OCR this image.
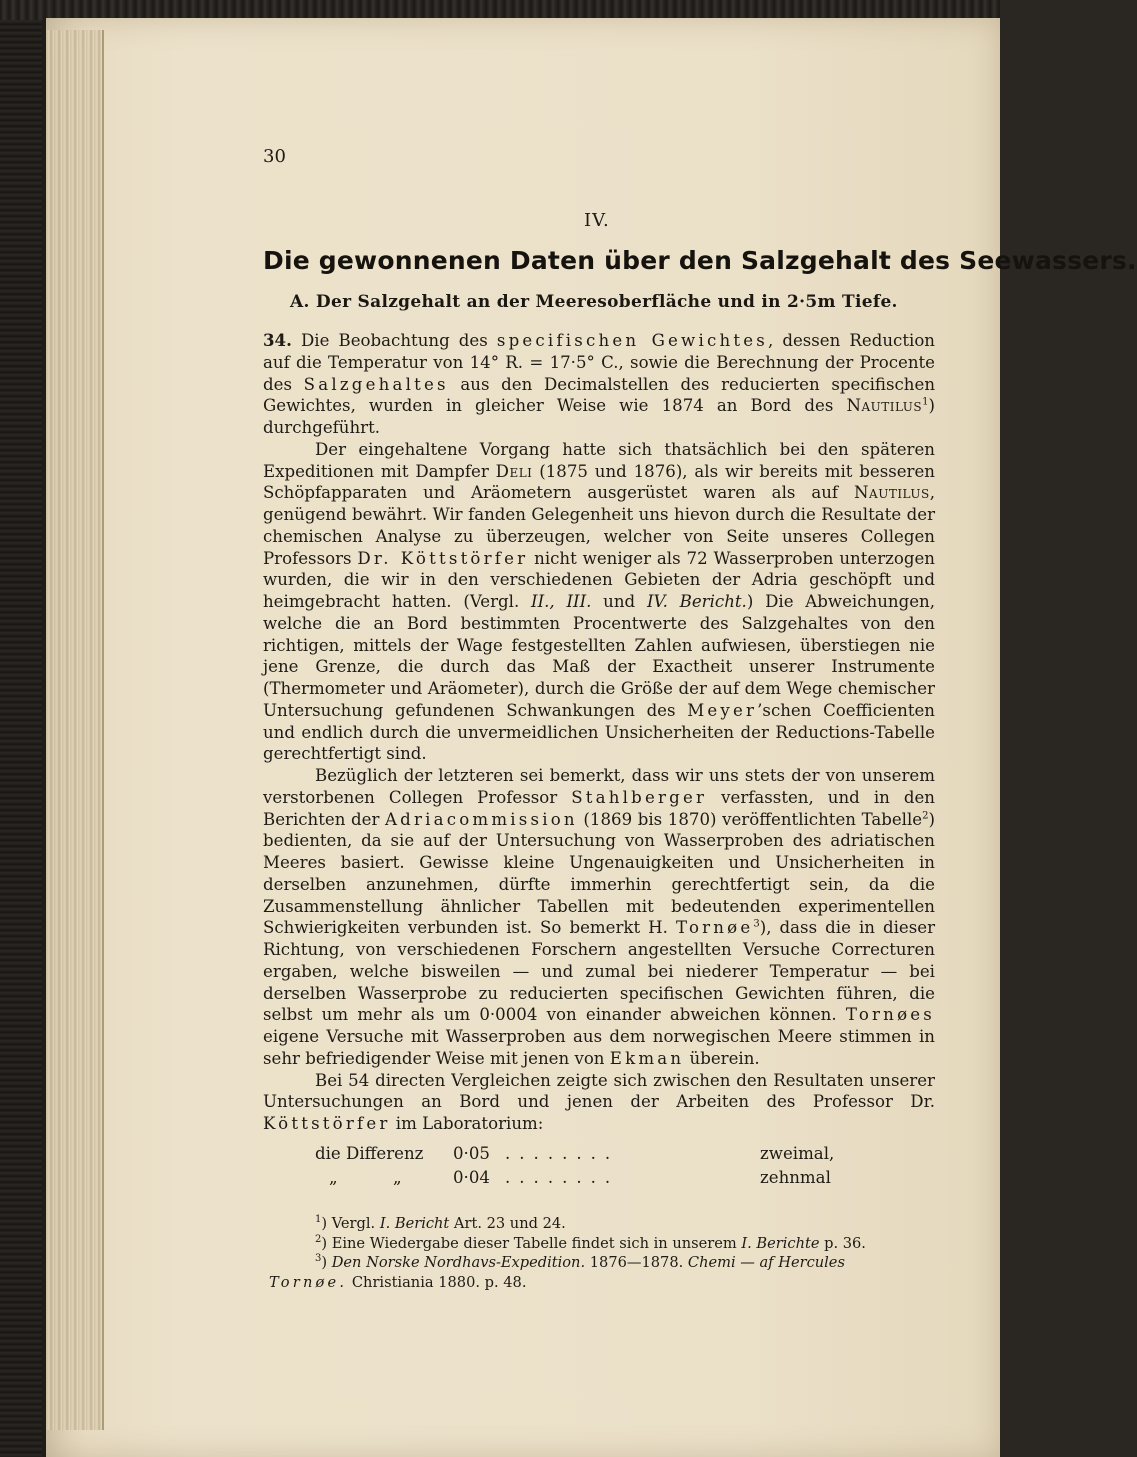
30
IV.
Die gewonnenen Daten über den Salzgehalt des Seewassers.
A. Der Salzgehalt an der Meeresoberfläche und in 2·5m Tiefe.

34. Die Beobachtung des specifischen Gewichtes, dessen Reduction auf die Temperatur von 14° R. = 17·5° C., sowie die Berechnung der Procente des Salzgehaltes aus den Decimalstellen des reducierten specifischen Gewichtes, wurden in gleicher Weise wie 1874 an Bord des Nautilus$^1$) durchgeführt.

Der eingehaltene Vorgang hatte sich thatsächlich bei den späteren Expeditionen mit Dampfer Deli (1875 und 1876), als wir bereits mit besseren Schöpfapparaten und Aräometern ausgerüstet waren als auf Nautilus, genügend bewährt. Wir fanden Gelegenheit uns hievon durch die Resultate der chemischen Analyse zu überzeugen, welcher von Seite unseres Collegen Professors Dr. Köttstörfer nicht weniger als 72 Wasserproben unterzogen wurden, die wir in den verschiedenen Gebieten der Adria geschöpft und heimgebracht hatten. (Vergl. II., III. und IV. Bericht.) Die Abweichungen, welche die an Bord bestimmten Procentwerte des Salzgehaltes von den richtigen, mittels der Wage festgestellten Zahlen aufwiesen, überstiegen nie jene Grenze, die durch das Maß der Exactheit unserer Instrumente (Thermometer und Aräometer), durch die Größe der auf dem Wege chemischer Untersuchung gefundenen Schwankungen des Meyer’schen Coefficienten und endlich durch die unvermeidlichen Unsicherheiten der Reductions-Tabelle gerechtfertigt sind.

Bezüglich der letzteren sei bemerkt, dass wir uns stets der von unserem verstorbenen Collegen Professor Stahlberger verfassten, und in den Berichten der Adriacommission (1869 bis 1870) veröffentlichten Tabelle$^2$) bedienten, da sie auf der Untersuchung von Wasserproben des adriatischen Meeres basiert. Gewisse kleine Ungenauigkeiten und Unsicherheiten in derselben anzunehmen, dürfte immerhin gerechtfertigt sein, da die Zusammenstellung ähnlicher Tabellen mit bedeutenden experimentellen Schwierigkeiten verbunden ist. So bemerkt H. Tornøe$^3$), dass die in dieser Richtung, von verschiedenen Forschern angestellten Versuche Correcturen ergaben, welche bisweilen — und zumal bei niederer Temperatur — bei derselben Wasserprobe zu reducierten specifischen Gewichten führen, die selbst um mehr als um 0·0004 von einander abweichen können. Tornøes eigene Versuche mit Wasserproben aus dem norwegischen Meere stimmen in sehr befriedigender Weise mit jenen von Ekman überein.

Bei 54 directen Vergleichen zeigte sich zwischen den Resultaten unserer Untersuchungen an Bord und jenen der Arbeiten des Professor Dr. Köttstörfer im Laboratorium:

die Differenz 0·05 ........	zweimal,
„	„	0·04 ........	zehnmal
$^1$) Vergl. I. Bericht Art. 23 und 24.
$^2$) Eine Wiedergabe dieser Tabelle findet sich in unserem I. Berichte p. 36.
$^3$) Den Norske Nordhavs-Expedition. 1876—1878. Chemi — af Hercules
Tornøe. Christiania 1880. p. 48.
